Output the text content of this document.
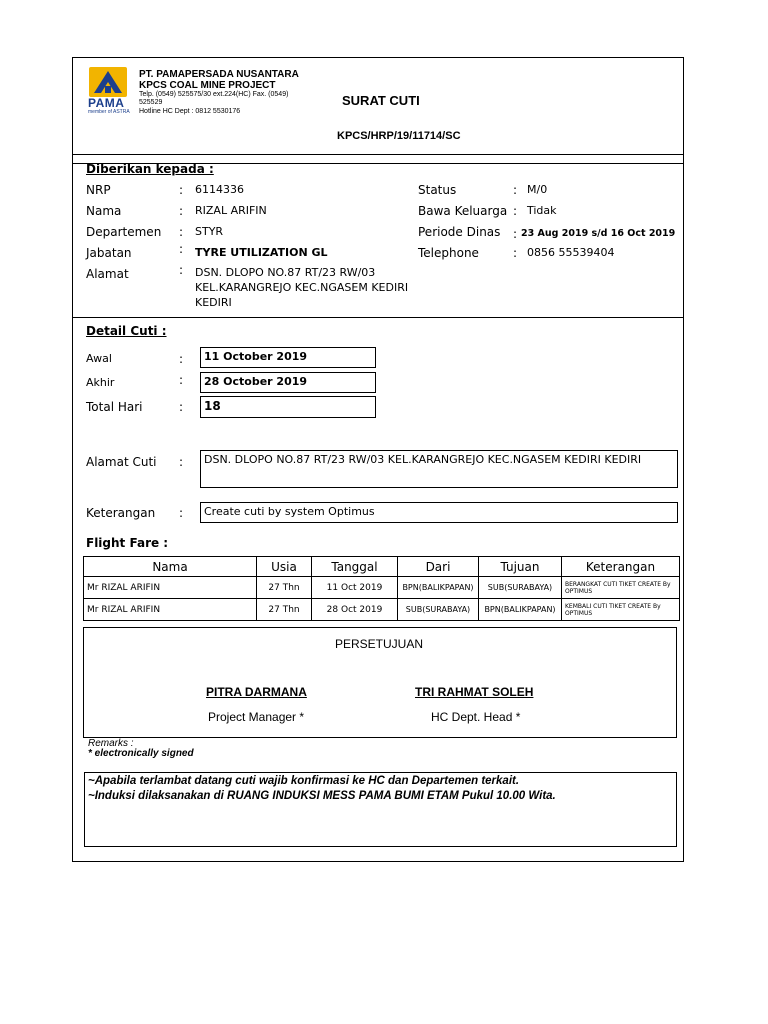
PAMA
member of ASTRA
PT. PAMAPERSADA NUSANTARA
KPCS COAL MINE PROJECT
Telp. (0549) 525575/30 ext.224(HC) Fax. (0549)
525529
Hotline HC Dept : 0812 5530176
SURAT CUTI
KPCS/HRP/19/11714/SC
Diberikan kepada :
NRP	: 6114336
Nama	: RIZAL ARIFIN
Departemen : STYR
Jabatan	: TYRE UTILIZATION GL
Alamat	: DSN. DLOPO NO.87 RT/23 RW/03
KEL.KARANGREJO KEC.NGASEM KEDIRI
KEDIRI
Status	: M/0
Bawa Keluarga : Tidak
Periode Dinas : 23 Aug 2019 s/d 16 Oct 2019
Telephone	: 0856 55539404
Detail Cuti :
Awal	:	11 October 2019
Akhir	:	28 October 2019
Total Hari	:	18
Alamat Cuti :	DSN. DLOPO NO.87 RT/23 RW/03 KEL.KARANGREJO KEC.NGASEM KEDIRI KEDIRI
Keterangan :	Create cuti by system Optimus
Flight Fare :
Nama	Usia	Tanggal	Dari	Tujuan	Keterangan
Mr RIZAL ARIFIN	27 Thn	11 Oct 2019	BPN(BALIKPAPAN)	SUB(SURABAYA)	BERANGKAT CUTI TIKET CREATE By OPTIMUS
Mr RIZAL ARIFIN	27 Thn	28 Oct 2019	SUB(SURABAYA)	BPN(BALIKPAPAN)	KEMBALI CUTI TIKET CREATE By OPTIMUS
PERSETUJUAN
PITRA DARMANA
Project Manager *
TRI RAHMAT SOLEH
HC Dept. Head *
Remarks :
* electronically signed
~Apabila terlambat datang cuti wajib konfirmasi ke HC dan Departemen terkait.
~Induksi dilaksanakan di RUANG INDUKSI MESS PAMA BUMI ETAM Pukul 10.00 Wita.
